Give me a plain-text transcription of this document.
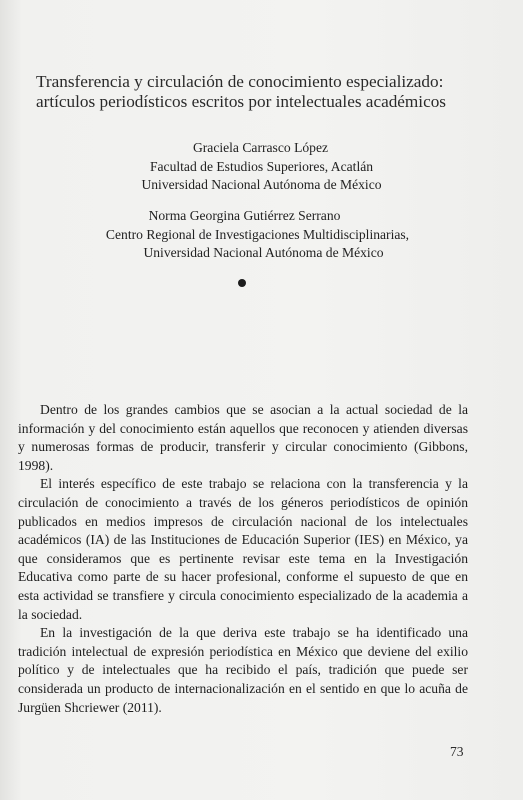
Transferencia y circulación de conocimiento especializado:
artículos periodísticos escritos por intelectuales académicos
Graciela Carrasco López
Facultad de Estudios Superiores, Acatlán
Universidad Nacional Autónoma de México
Norma Georgina Gutiérrez Serrano
Centro Regional de Investigaciones Multidisciplinarias,
Universidad Nacional Autónoma de México

Dentro de los grandes cambios que se asocian a la actual sociedad de la información y del conocimiento están aquellos que reconocen y atienden diversas y numerosas formas de producir, transferir y circular conocimiento (Gibbons, 1998).

El interés específico de este trabajo se relaciona con la transferencia y la circulación de conocimiento a través de los géneros periodísticos de opinión publicados en medios impresos de circulación nacional de los intelectuales académicos (IA) de las Instituciones de Educación Superior (IES) en México, ya que consideramos que es pertinente revisar este tema en la Investigación Educativa como parte de su hacer profesional, conforme el supuesto de que en esta actividad se transfiere y circula conocimiento especializado de la academia a la sociedad.

En la investigación de la que deriva este trabajo se ha identificado una tradición intelectual de expresión periodística en México que deviene del exilio político y de intelectuales que ha recibido el país, tradición que puede ser considerada un producto de internacionalización en el sentido en que lo acuña de Jurgüen Shcriewer (2011).

73
